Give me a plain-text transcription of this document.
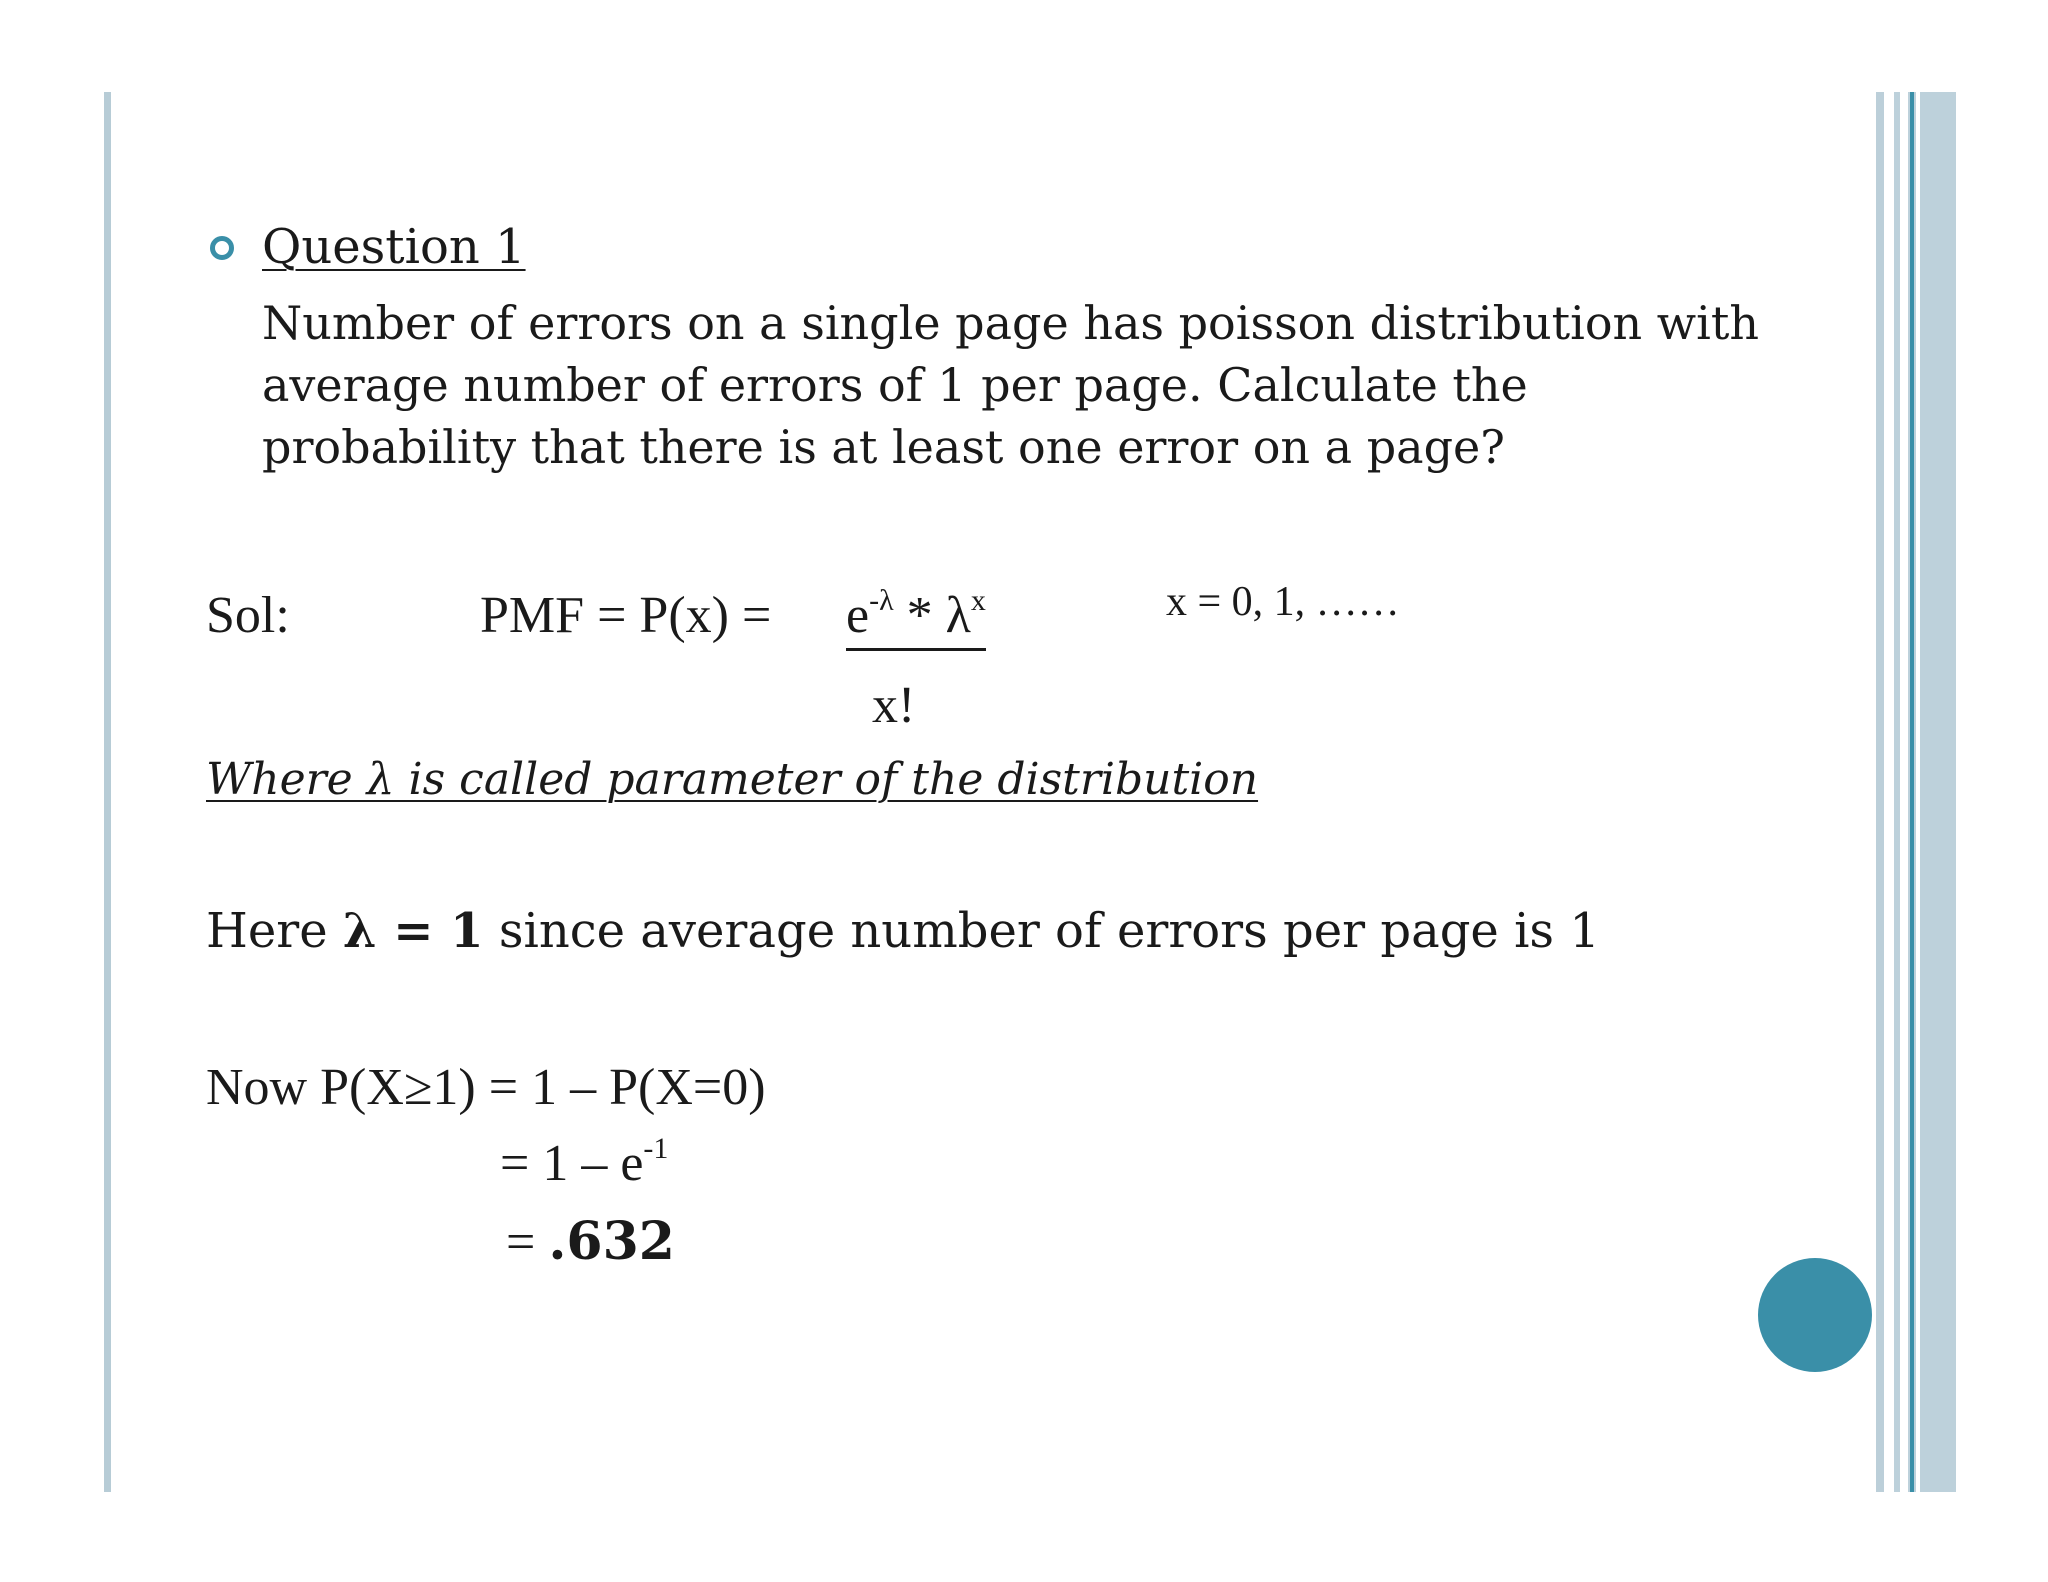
Question 1
Number of errors on a single page has poisson distribution with
average number of errors of 1 per page. Calculate the
probability that there is at least one error on a page?
Sol:	PMF = $P(x) = e^{-\lambda} * \lambda^x$
x!
x = 0, 1, ……
Where λ is called parameter of the distribution
Here λ = 1 since average number of errors per page is 1
Now P(X≥1) = 1 – P(X=0)
= $1 - e^{-1}$
= .632
